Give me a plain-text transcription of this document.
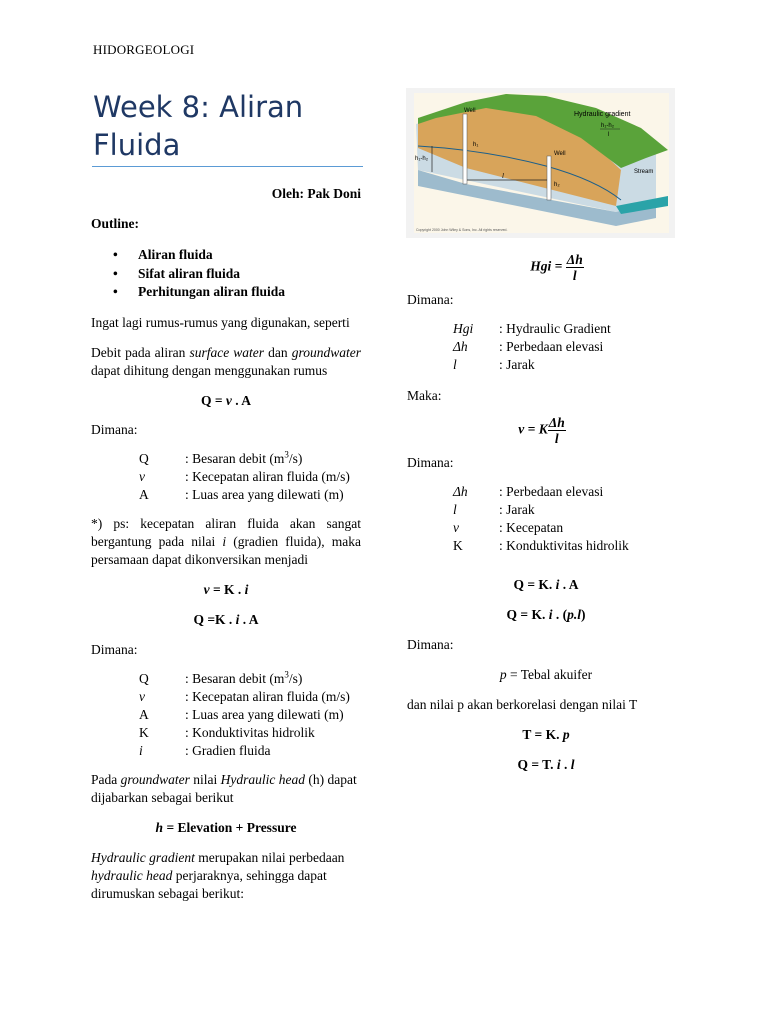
HIDORGEOLOGI
Week 8: Aliran Fluida
Oleh: Pak Doni
Outline:
• Aliran fluida
• Sifat aliran fluida
• Perhitungan aliran fluida
Ingat lagi rumus-rumus yang digunakan, seperti
Debit pada aliran surface water dan groundwater dapat dihitung dengan menggunakan rumus
Q = v . A
Dimana:
Q	: Besaran debit $(m^3/s)$
v	: Kecepatan aliran fluida (m/s)
A	: Luas area yang dilewati (m)
*) ps: kecepatan aliran fluida akan sangat bergantung pada nilai i (gradien fluida), maka persamaan dapat dikonversikan menjadi
v = K . i
Q =K . i . A
Dimana:
Q	: Besaran debit $(m^3/s)$
v	: Kecepatan aliran fluida (m/s)
A	: Luas area yang dilewati (m)
K	: Konduktivitas hidrolik
i	: Gradien fluida
Pada groundwater nilai Hydraulic head (h) dapat dijabarkan sebagai berikut
h = Elevation + Pressure
Hydraulic gradient merupakan nilai perbedaan hydraulic head perjaraknya, sehingga dapat dirumuskan sebagai berikut:
Well
Well
h₁
h₂
h₁-h₂
l
Hydraulic gradient
h₁-h₂
l
Stream
Copyright 2000 John Wiley & Sons, Inc. All rights reserved.
Hgi = $\frac{\Delta h}{l}$
Dimana:
Hgi	: Hydraulic Gradient
Δh	: Perbedaan elevasi
l	: Jarak
Maka:
v = K $\frac{\Delta h}{l}$
Dimana:
Δh	: Perbedaan elevasi
l	: Jarak
v	: Kecepatan
K	: Konduktivitas hidrolik
Q = K. i . A
Q = K. i . (p.l)
Dimana:
p = Tebal akuifer
dan nilai p akan berkorelasi dengan nilai T
T = K. p
Q = T. i . l
